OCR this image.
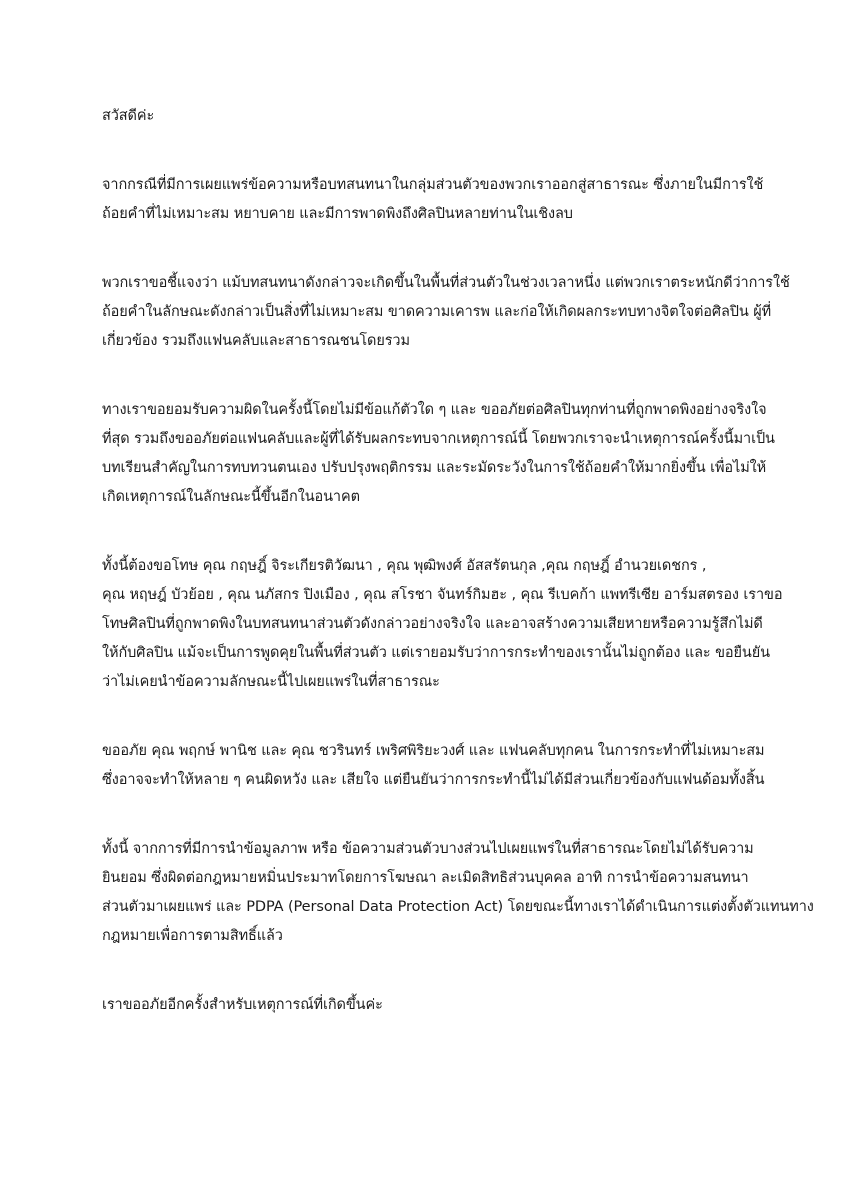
สวัสดีค่ะ
จากกรณีที่มีการเผยแพร่ข้อความหรือบทสนทนาในกลุ่มส่วนตัวของพวกเราออกสู่สาธารณะ ซึ่งภายในมีการใช้
ถ้อยคำที่ไม่เหมาะสม หยาบคาย และมีการพาดพิงถึงศิลปินหลายท่านในเชิงลบ
พวกเราขอชี้แจงว่า แม้บทสนทนาดังกล่าวจะเกิดขึ้นในพื้นที่ส่วนตัวในช่วงเวลาหนึ่ง แต่พวกเราตระหนักดีว่าการใช้
ถ้อยคำในลักษณะดังกล่าวเป็นสิ่งที่ไม่เหมาะสม ขาดความเคารพ และก่อให้เกิดผลกระทบทางจิตใจต่อศิลปิน ผู้ที่
เกี่ยวข้อง รวมถึงแฟนคลับและสาธารณชนโดยรวม
ทางเราขอยอมรับความผิดในครั้งนี้โดยไม่มีข้อแก้ตัวใด ๆ และ ขออภัยต่อศิลปินทุกท่านที่ถูกพาดพิงอย่างจริงใจ
ที่สุด รวมถึงขออภัยต่อแฟนคลับและผู้ที่ได้รับผลกระทบจากเหตุการณ์นี้ โดยพวกเราจะนำเหตุการณ์ครั้งนี้มาเป็น
บทเรียนสำคัญในการทบทวนตนเอง ปรับปรุงพฤติกรรม และระมัดระวังในการใช้ถ้อยคำให้มากยิ่งขึ้น เพื่อไม่ให้
เกิดเหตุการณ์ในลักษณะนี้ขึ้นอีกในอนาคต
ทั้งนี้ต้องขอโทษ คุณ กฤษฎิ์ จิระเกียรติวัฒนา , คุณ พุฒิพงศ์ อัสสรัตนกุล ,คุณ กฤษฎิ์ อำนวยเดชกร ,
คุณ หฤษฎ์ บัวย้อย , คุณ นภัสกร ปิงเมือง , คุณ สโรชา จันทร์กิมฮะ , คุณ รีเบคก้า แพทรีเซีย อาร์มสตรอง เราขอ
โทษศิลปินที่ถูกพาดพิงในบทสนทนาส่วนตัวดังกล่าวอย่างจริงใจ และอาจสร้างความเสียหายหรือความรู้สึกไม่ดี
ให้กับศิลปิน แม้จะเป็นการพูดคุยในพื้นที่ส่วนตัว แต่เรายอมรับว่าการกระทำของเรานั้นไม่ถูกต้อง และ ขอยืนยัน
ว่าไม่เคยนำข้อความลักษณะนี้ไปเผยแพร่ในที่สาธารณะ
ขออภัย คุณ พฤกษ์ พานิช และ คุณ ชวรินทร์ เพริศพิริยะวงศ์ และ แฟนคลับทุกคน ในการกระทำที่ไม่เหมาะสม
ซึ่งอาจจะทำให้หลาย ๆ คนผิดหวัง และ เสียใจ แต่ยืนยันว่าการกระทำนี้ไม่ได้มีส่วนเกี่ยวข้องกับแฟนด้อมทั้งสิ้น
ทั้งนี้ จากการที่มีการนำข้อมูลภาพ หรือ ข้อความส่วนตัวบางส่วนไปเผยแพร่ในที่สาธารณะโดยไม่ได้รับความ
ยินยอม ซึ่งผิดต่อกฎหมายหมิ่นประมาทโดยการโฆษณา ละเมิดสิทธิส่วนบุคคล อาทิ การนำข้อความสนทนา
ส่วนตัวมาเผยแพร่ และ PDPA (Personal Data Protection Act) โดยขณะนี้ทางเราได้ดำเนินการแต่งตั้งตัวแทนทาง
กฎหมายเพื่อการตามสิทธิ์แล้ว
เราขออภัยอีกครั้งสำหรับเหตุการณ์ที่เกิดขึ้นค่ะ
